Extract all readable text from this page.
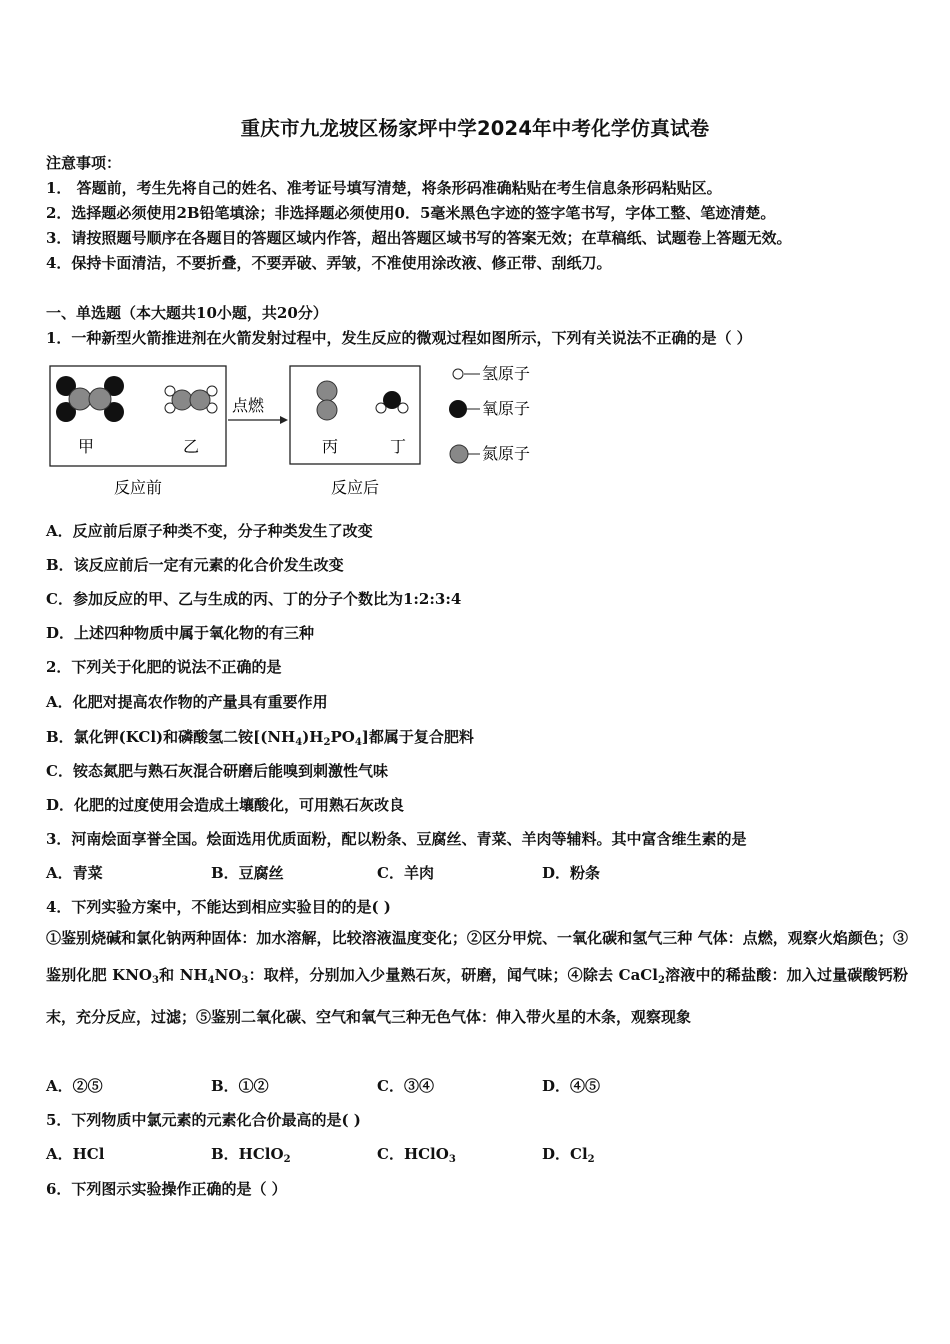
重庆市九龙坡区杨家坪中学2024年中考化学仿真试卷
注意事项：
1． 答题前，考生先将自己的姓名、准考证号填写清楚，将条形码准确粘贴在考生信息条形码粘贴区。
2．选择题必须使用2B铅笔填涂；非选择题必须使用0．5毫米黑色字迹的签字笔书写，字体工整、笔迹清楚。
3．请按照题号顺序在各题目的答题区域内作答，超出答题区域书写的答案无效；在草稿纸、试题卷上答题无效。
4．保持卡面清洁，不要折叠，不要弄破、弄皱，不准使用涂改液、修正带、刮纸刀。
一、单选题（本大题共10小题，共20分）
1．一种新型火箭推进剂在火箭发射过程中，发生反应的微观过程如图所示，下列有关说法不正确的是（ ）
甲	乙
点燃
丙	丁
反应前	反应后
氢原子
氧原子
氮原子
A．反应前后原子种类不变，分子种类发生了改变
B．该反应前后一定有元素的化合价发生改变
C．参加反应的甲、乙与生成的丙、丁的分子个数比为1:2:3:4
D．上述四种物质中属于氧化物的有三种
2．下列关于化肥的说法不正确的是
A．化肥对提高农作物的产量具有重要作用
B．氯化钾(KCl)和磷酸氢二铵$[(NH_4)H_2PO_4]$都属于复合肥料
C．铵态氮肥与熟石灰混合研磨后能嗅到刺激性气味
D．化肥的过度使用会造成土壤酸化，可用熟石灰改良
3．河南烩面享誉全国。烩面选用优质面粉，配以粉条、豆腐丝、青菜、羊肉等辅料。其中富含维生素的是
A．青菜	B．豆腐丝	C．羊肉	D．粉条
4．下列实验方案中，不能达到相应实验目的的是( )
①鉴别烧碱和氯化钠两种固体：加水溶解，比较溶液温度变化；②区分甲烷、一氧化碳和氢气三种 气体：点燃，观察火焰颜色；③鉴别化肥 $KNO_3$和 $NH_4NO_3$：取样，分别加入少量熟石灰，研磨，闻气味；④除去 CaCl$_2$溶液中的稀盐酸：加入过量碳酸钙粉末，充分反应，过滤；⑤鉴别二氧化碳、空气和氧气三种无色气体：伸入带火星的木条，观察现象
A．②⑤	B．①②	C．③④	D．④⑤
5．下列物质中氯元素的元素化合价最高的是( )
A．HCl	B．HClO$_2$	C．HClO$_3$	D．$Cl_2$
6．下列图示实验操作正确的是（ ）
